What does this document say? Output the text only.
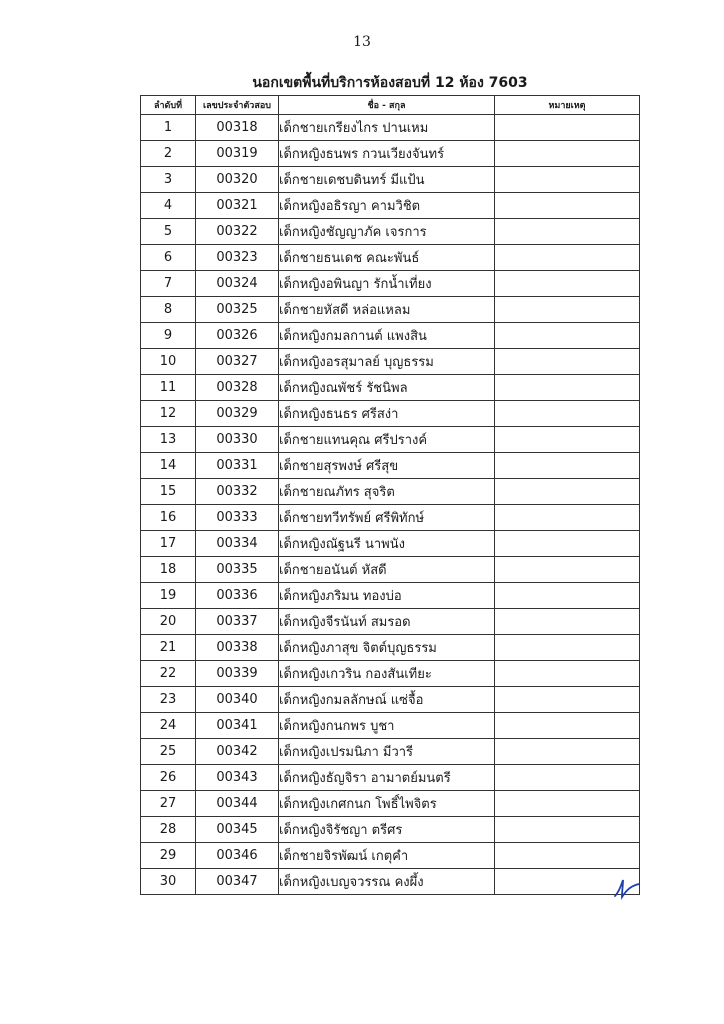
13
นอกเขตพื้นที่บริการห้องสอบที่ 12 ห้อง 7603
ลำดับที่	เลขประจำตัวสอบ	ชื่อ - สกุล	หมายเหตุ
1	00318	เด็กชายเกรียงไกร ปานเหม	
2	00319	เด็กหญิงธนพร กวนเวียงจันทร์	
3	00320	เด็กชายเดชบดินทร์ มีแป้น	
4	00321	เด็กหญิงอธิรญา คามวิชิต	
5	00322	เด็กหญิงชัญญาภัค เจรการ	
6	00323	เด็กชายธนเดช คณะพันธ์	
7	00324	เด็กหญิงอพินญา รักน้ำเที่ยง	
8	00325	เด็กชายหัสดี หล่อแหลม	
9	00326	เด็กหญิงกมลกานต์ แพงสิน	
10	00327	เด็กหญิงอรสุมาลย์ บุญธรรม	
11	00328	เด็กหญิงณพัชร์ รัชนิพล	
12	00329	เด็กหญิงธนธร ศรีสง่า	
13	00330	เด็กชายแทนคุณ ศรีปรางค์	
14	00331	เด็กชายสุรพงษ์ ศรีสุข	
15	00332	เด็กชายณภัทร สุจริต	
16	00333	เด็กชายทวีทรัพย์ ศรีพิทักษ์	
17	00334	เด็กหญิงณัฐนรี นาพนัง	
18	00335	เด็กชายอนันต์ หัสดี	
19	00336	เด็กหญิงภริมน ทองบ่อ	
20	00337	เด็กหญิงจีรนันท์ สมรอด	
21	00338	เด็กหญิงภาสุข จิตต์บุญธรรม	
22	00339	เด็กหญิงเกวริน กองสันเทียะ	
23	00340	เด็กหญิงกมลลักษณ์ แซ่จื้อ	
24	00341	เด็กหญิงกนกพร บูชา	
25	00342	เด็กหญิงเปรมนิภา มีวารี	
26	00343	เด็กหญิงธัญจิรา อามาตย์มนตรี	
27	00344	เด็กหญิงเกศกนก โพธิ์ไพจิตร	
28	00345	เด็กหญิงจิรัชญา ตรีศร	
29	00346	เด็กชายจิรพัฒน์ เกตุคำ	
30	00347	เด็กหญิงเบญจวรรณ คงผึ้ง	
